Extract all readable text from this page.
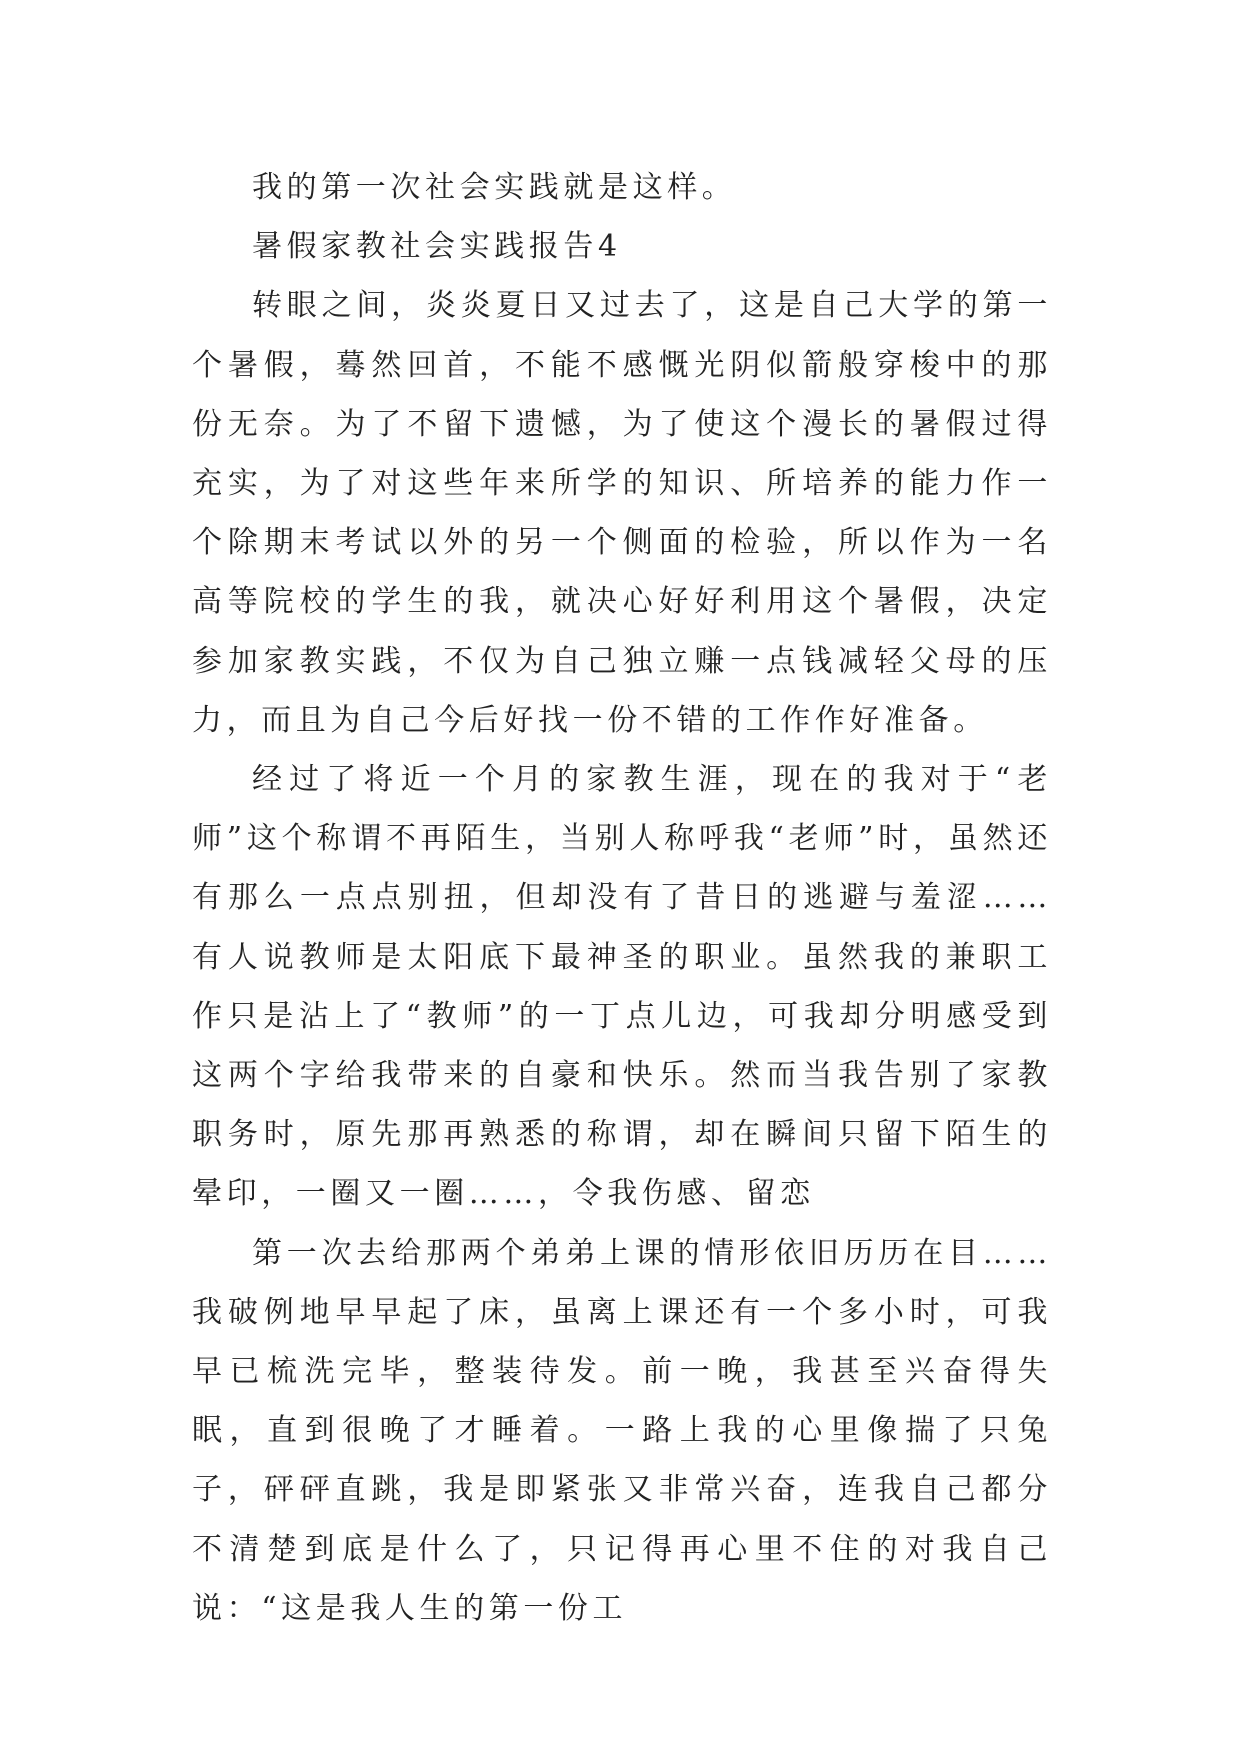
我的第一次社会实践就是这样。

暑假家教社会实践报告4

转眼之间，炎炎夏日又过去了，这是自己大学的第一个暑假，蓦然回首，不能不感慨光阴似箭般穿梭中的那份无奈。为了不留下遗憾，为了使这个漫长的暑假过得充实，为了对这些年来所学的知识、所培养的能力作一个除期末考试以外的另一个侧面的检验，所以作为一名高等院校的学生的我，就决心好好利用这个暑假，决定参加家教实践，不仅为自己独立赚一点钱减轻父母的压力，而且为自己今后好找一份不错的工作作好准备。

经过了将近一个月的家教生涯，现在的我对于“老师”这个称谓不再陌生，当别人称呼我“老师”时，虽然还有那么一点点别扭，但却没有了昔日的逃避与羞涩……有人说教师是太阳底下最神圣的职业。虽然我的兼职工作只是沾上了“教师”的一丁点儿边，可我却分明感受到这两个字给我带来的自豪和快乐。然而当我告别了家教职务时，原先那再熟悉的称谓，却在瞬间只留下陌生的晕印，一圈又一圈……，令我伤感、留恋

第一次去给那两个弟弟上课的情形依旧历历在目……我破例地早早起了床，虽离上课还有一个多小时，可我早已梳洗完毕，整装待发。前一晚，我甚至兴奋得失眠，直到很晚了才睡着。一路上我的心里像揣了只兔子，砰砰直跳，我是即紧张又非常兴奋，连我自己都分不清楚到底是什么了，只记得再心里不住的对我自己说：“这是我人生的第一份工
